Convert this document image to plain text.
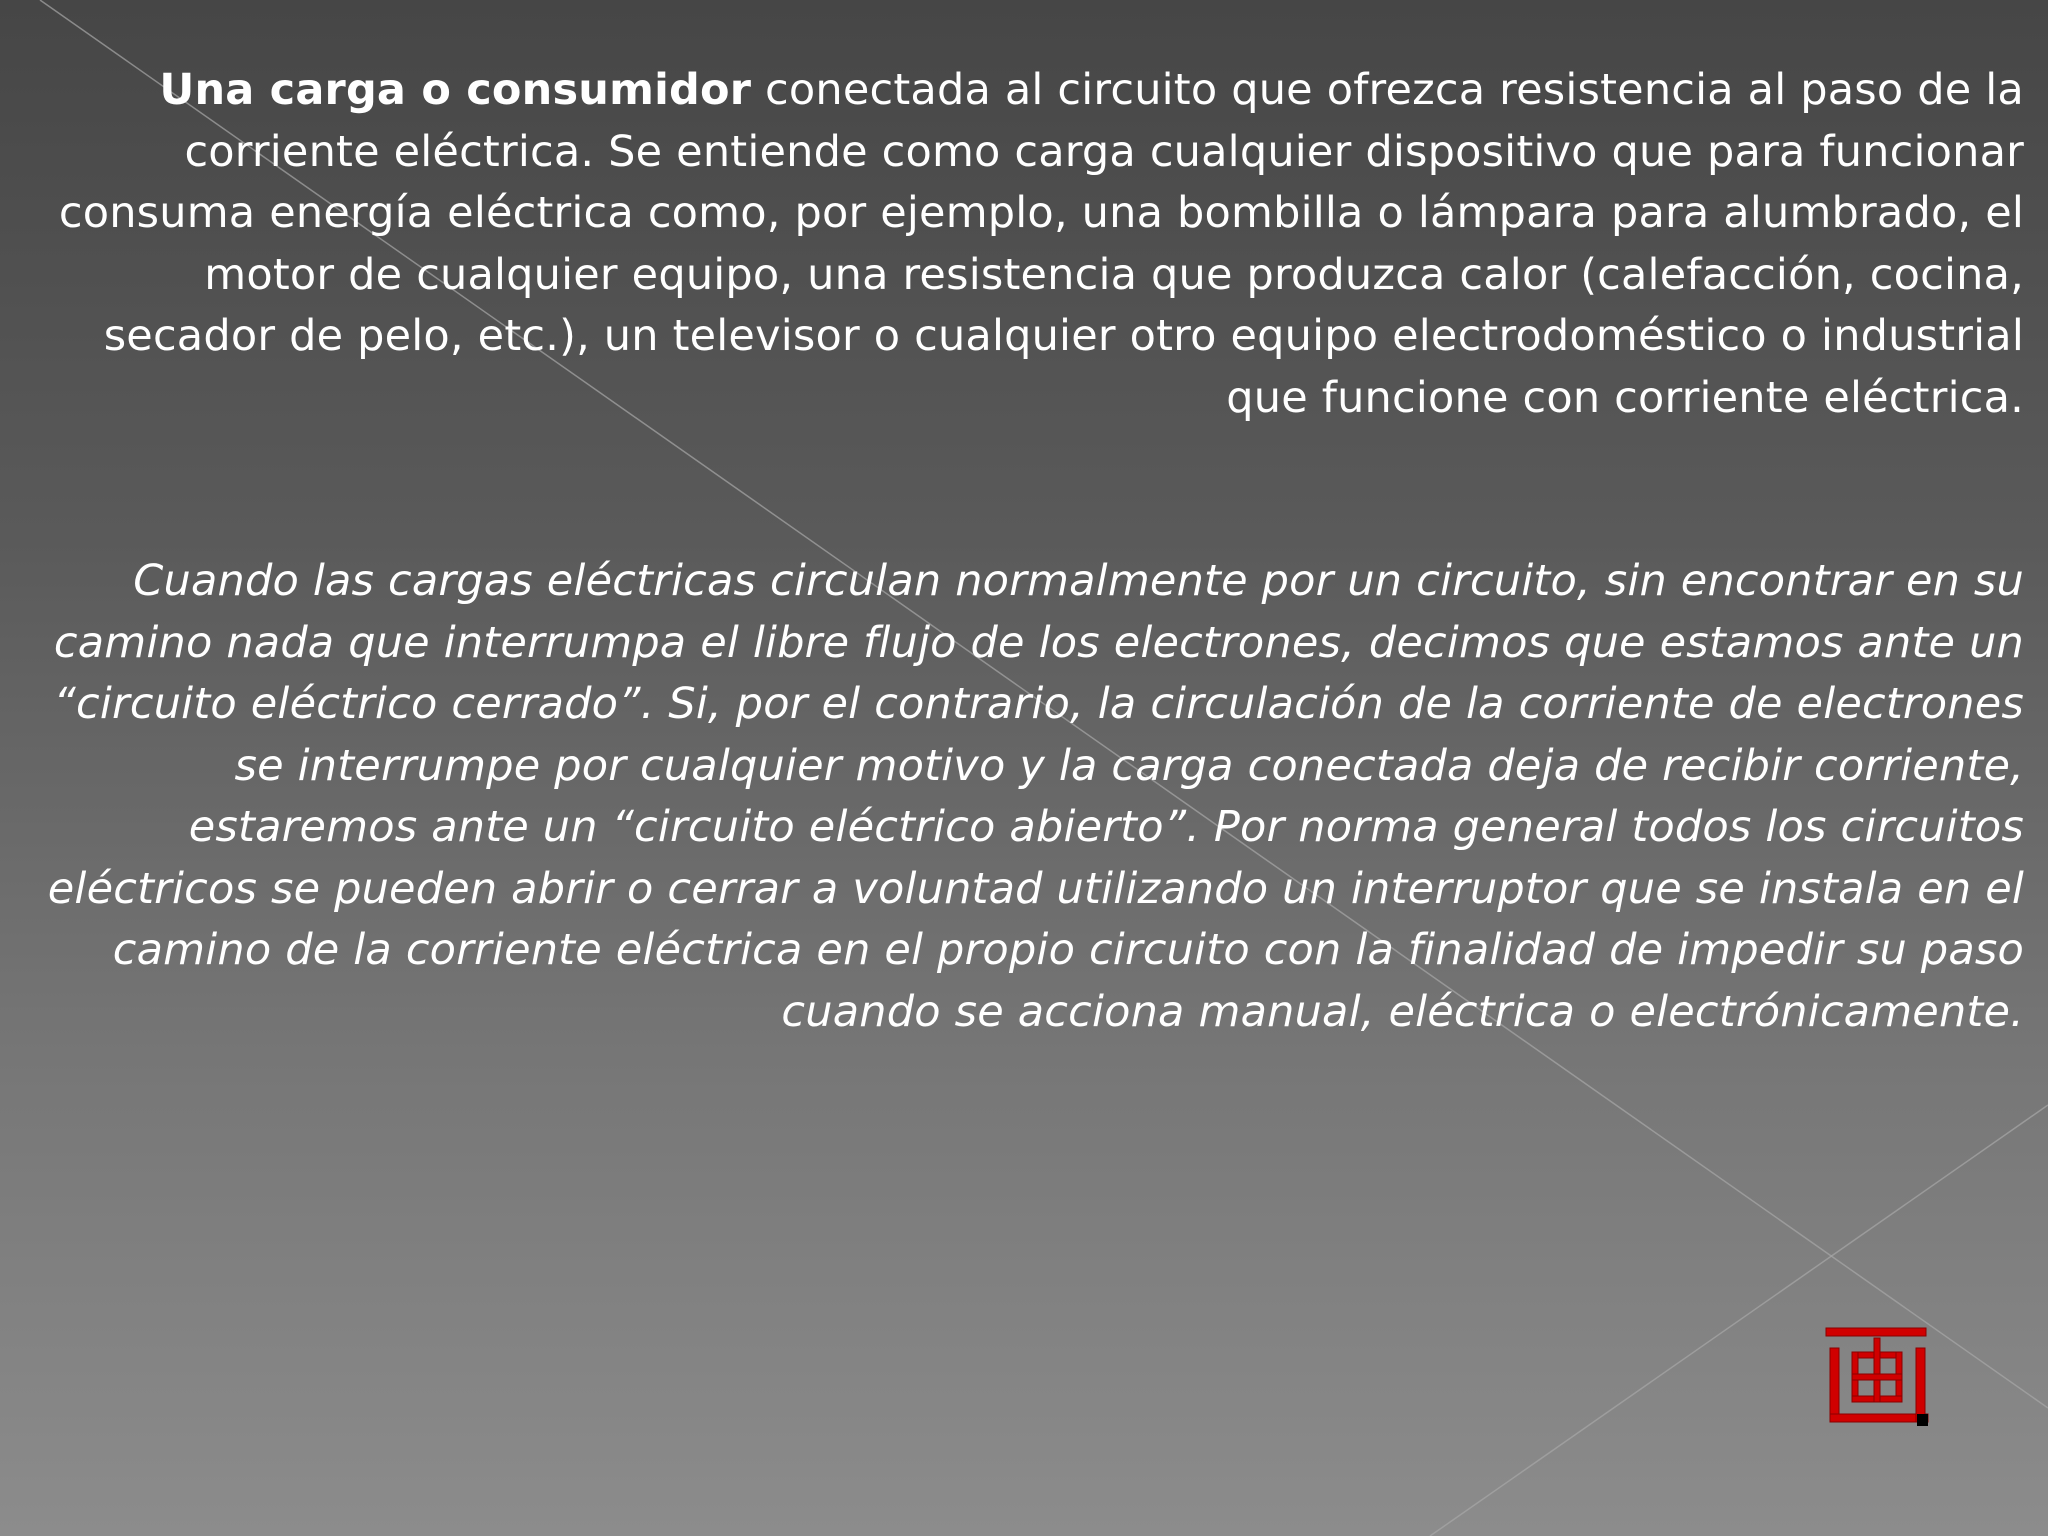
Una carga o consumidor conectada al circuito que ofrezca resistencia al paso de la corriente eléctrica. Se entiende como carga cualquier dispositivo que para funcionar consuma energía eléctrica como, por ejemplo, una bombilla o lámpara para alumbrado, el motor de cualquier equipo, una resistencia que produzca calor (calefacción, cocina, secador de pelo, etc.), un televisor o cualquier otro equipo electrodoméstico o industrial que funcione con corriente eléctrica.
Cuando las cargas eléctricas circulan normalmente por un circuito, sin encontrar en su camino nada que interrumpa el libre flujo de los electrones, decimos que estamos ante un “circuito eléctrico cerrado”. Si, por el contrario, la circulación de la corriente de electrones se interrumpe por cualquier motivo y la carga conectada deja de recibir corriente, estaremos ante un “circuito eléctrico abierto”. Por norma general todos los circuitos eléctricos se pueden abrir o cerrar a voluntad utilizando un interruptor que se instala en el camino de la corriente eléctrica en el propio circuito con la finalidad de impedir su paso cuando se acciona manual, eléctrica o electrónicamente.
